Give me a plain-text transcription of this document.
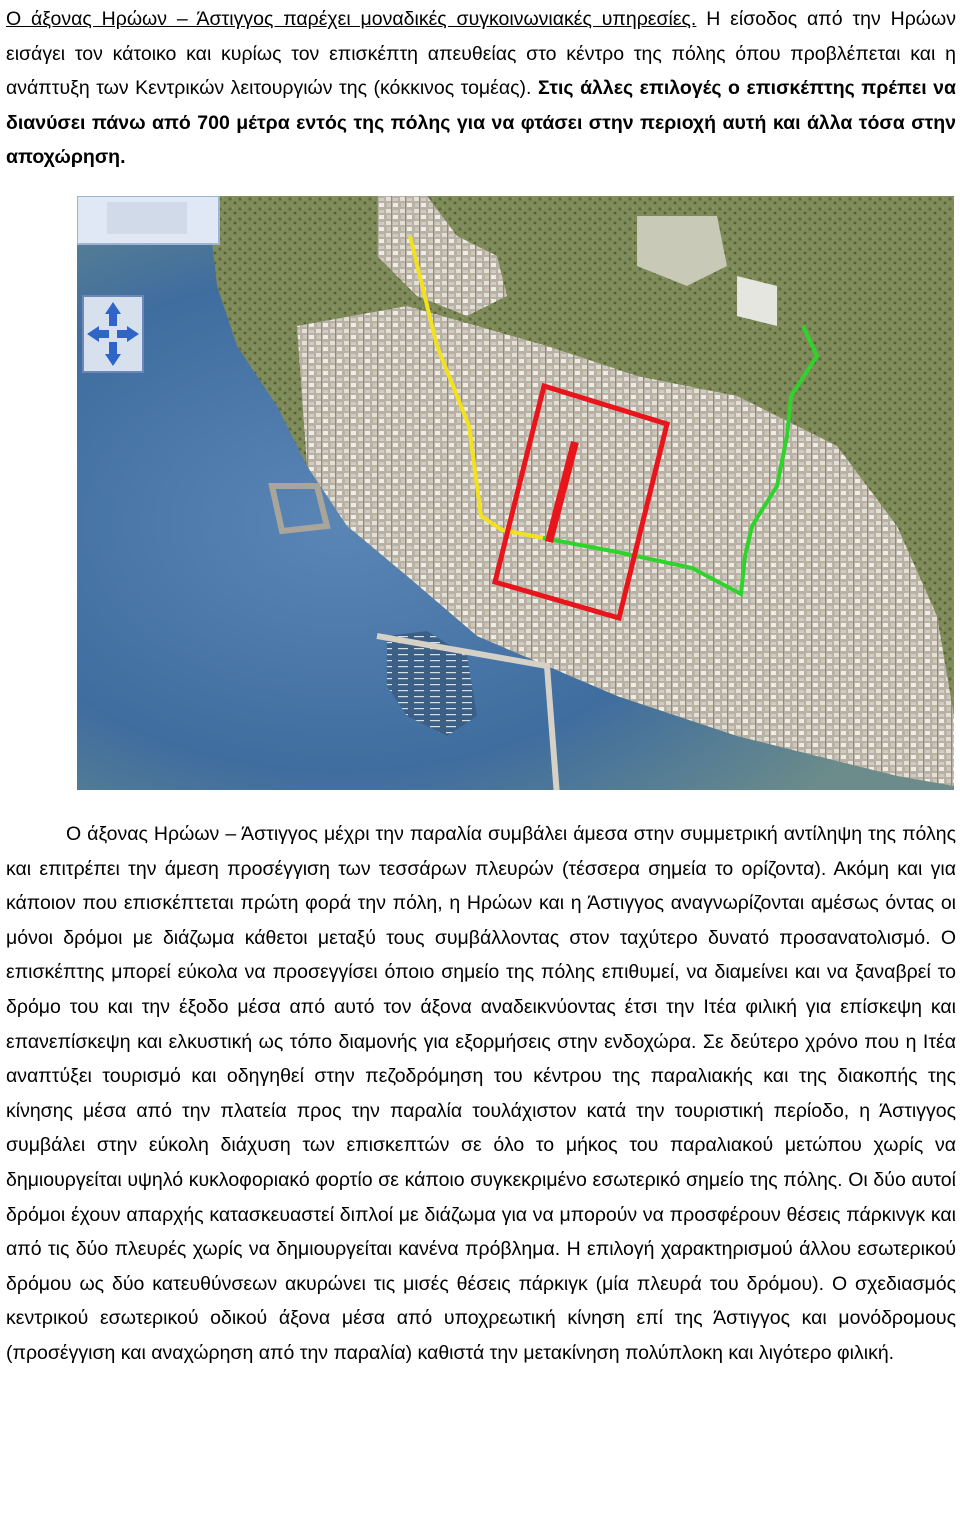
Ο άξονας Ηρώων – Άστιγγος παρέχει μοναδικές συγκοινωνιακές υπηρεσίες. Η είσοδος από την Ηρώων εισάγει τον κάτοικο και κυρίως τον επισκέπτη απευθείας στο κέντρο της πόλης όπου προβλέπεται και η ανάπτυξη των Κεντρικών λειτουργιών της (κόκκινος τομέας). Στις άλλες επιλογές ο επισκέπτης πρέπει να διανύσει πάνω από 700 μέτρα εντός της πόλης για να φτάσει στην περιοχή αυτή και άλλα τόσα στην αποχώρηση.
Ο άξονας Ηρώων – Άστιγγος μέχρι την παραλία συμβάλει άμεσα στην συμμετρική αντίληψη της πόλης και επιτρέπει την άμεση προσέγγιση των τεσσάρων πλευρών (τέσσερα σημεία το ορίζοντα). Ακόμη και για κάποιον που επισκέπτεται πρώτη φορά την πόλη, η Ηρώων και η Άστιγγος αναγνωρίζονται αμέσως όντας οι μόνοι δρόμοι με διάζωμα κάθετοι μεταξύ τους συμβάλλοντας στον ταχύτερο δυνατό προσανατολισμό. Ο επισκέπτης μπορεί εύκολα να προσεγγίσει όποιο σημείο της πόλης επιθυμεί, να διαμείνει και να ξαναβρεί το δρόμο του και την έξοδο μέσα από αυτό τον άξονα αναδεικνύοντας έτσι την Ιτέα φιλική για επίσκεψη και επανεπίσκεψη και ελκυστική ως τόπο διαμονής για εξορμήσεις στην ενδοχώρα. Σε δεύτερο χρόνο που η Ιτέα αναπτύξει τουρισμό και οδηγηθεί στην πεζοδρόμηση του κέντρου της παραλιακής και της διακοπής της κίνησης μέσα από την πλατεία προς την παραλία τουλάχιστον κατά την τουριστική περίοδο, η Άστιγγος συμβάλει στην εύκολη διάχυση των επισκεπτών σε όλο το μήκος του παραλιακού μετώπου χωρίς να δημιουργείται υψηλό κυκλοφοριακό φορτίο σε κάποιο συγκεκριμένο εσωτερικό σημείο της πόλης. Οι δύο αυτοί δρόμοι έχουν απαρχής κατασκευαστεί διπλοί με διάζωμα για να μπορούν να προσφέρουν θέσεις πάρκινγκ και από τις δύο πλευρές χωρίς να δημιουργείται κανένα πρόβλημα. Η επιλογή χαρακτηρισμού άλλου εσωτερικού δρόμου ως δύο κατευθύνσεων ακυρώνει τις μισές θέσεις πάρκιγκ (μία πλευρά του δρόμου). Ο σχεδιασμός κεντρικού εσωτερικού οδικού άξονα μέσα από υποχρεωτική κίνηση επί της Άστιγγος και μονόδρομους (προσέγγιση και αναχώρηση από την παραλία) καθιστά την μετακίνηση πολύπλοκη και λιγότερο φιλική.
